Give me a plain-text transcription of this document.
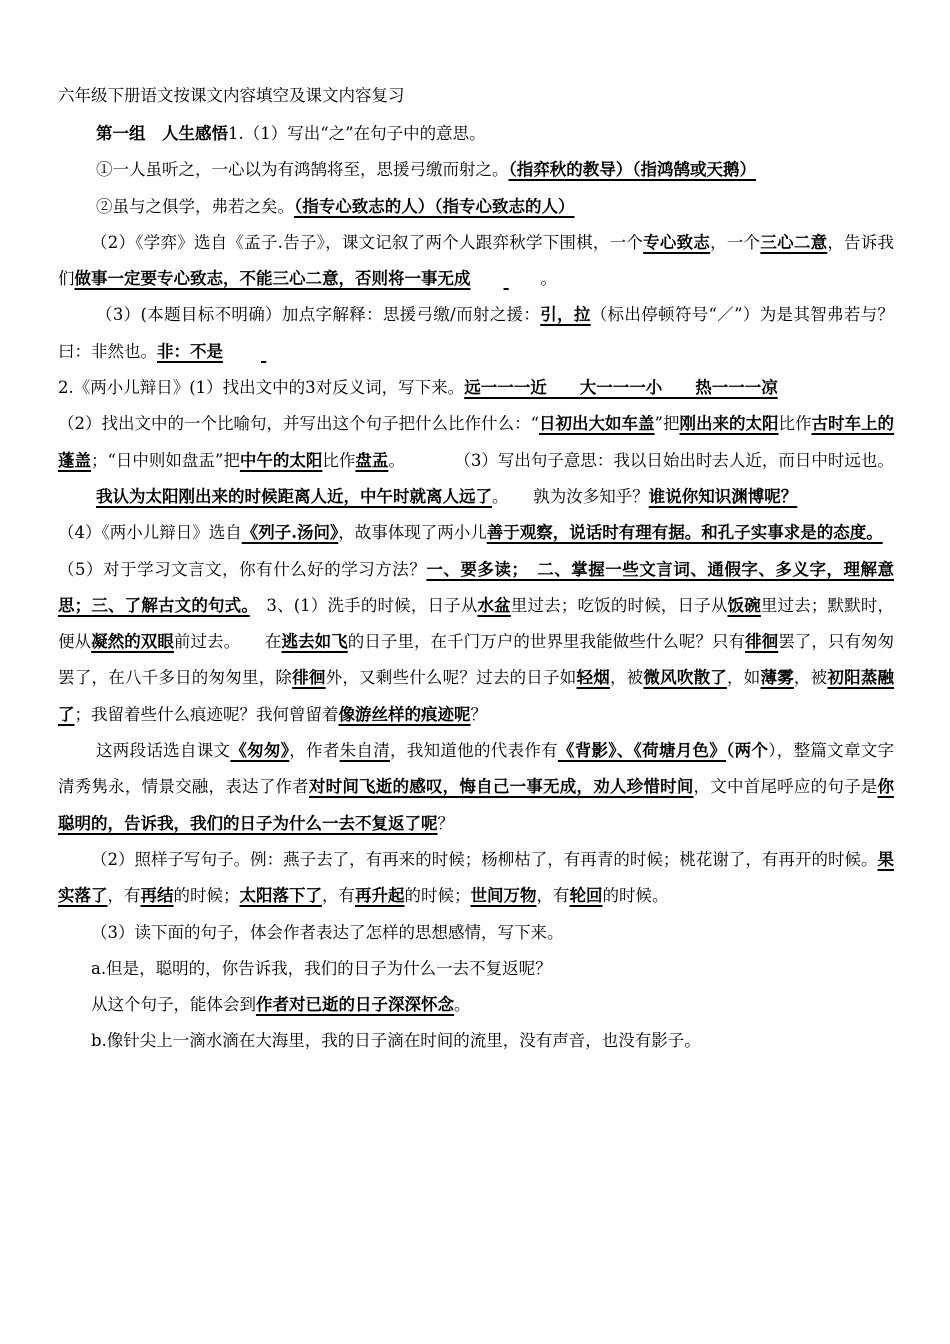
六年级下册语文按课文内容填空及课文内容复习

第一组　人生感悟1.（1）写出“之”在句子中的意思。

①一人虽听之，一心以为有鸿鹄将至，思援弓缴而射之。（指弈秋的教导）（指鸿鹄或天鹅）

②虽与之俱学，弗若之矣。（指专心致志的人）（指专心致志的人）

（2）《学弈》选自《孟子.告子》，课文记叙了两个人跟弈秋学下围棋，一个专心致志，一个三心二意，告诉我们做事一定要专心致志，不能三心二意，否则将一事无成	。

（3）(本题目标不明确）加点字解释：思援弓缴/而射之援：引，拉（标出停顿符号“／”）为是其智弗若与？曰：非然也。非：不是

2.《两小儿辩日》(1）找出文中的3对反义词，写下来。远一一一近　　大一一一小　　热一一一凉

（2）找出文中的一个比喻句，并写出这个句子把什么比作什么：“日初出大如车盖”把刚出来的太阳比作古时车上的蓬盖；“日中则如盘盂”把中午的太阳比作盘盂。　　　　（3）写出句子意思：我以日始出时去人近，而日中时远也。

我认为太阳刚出来的时候距离人近，中午时就离人远了。　　孰为汝多知乎？谁说你知识渊博呢？

（4）《两小儿辩日》选自《列子.汤问》，故事体现了两小儿善于观察，说话时有理有据。和孔子实事求是的态度。

（5）对于学习文言文，你有什么好的学习方法？一、要多读；　二、掌握一些文言词、通假字、多义字，理解意思；三、了解古文的句式。　3、(1）洗手的时候，日子从水盆里过去；吃饭的时候，日子从饭碗里过去；默默时，便从凝然的双眼前过去。　　在逃去如飞的日子里，在千门万户的世界里我能做些什么呢？只有徘徊罢了，只有匆匆罢了，在八千多日的匆匆里，除徘徊外，又剩些什么呢？过去的日子如轻烟，被微风吹散了，如薄雾，被初阳蒸融了；我留着些什么痕迹呢？我何曾留着像游丝样的痕迹呢？

这两段话选自课文《匆匆》，作者朱自清，我知道他的代表作有《背影》、《荷塘月色》（两个），整篇文章文字清秀隽永，情景交融，表达了作者对时间飞逝的感叹，悔自己一事无成，劝人珍惜时间，文中首尾呼应的句子是你聪明的，告诉我，我们的日子为什么一去不复返了呢？

（2）照样子写句子。例：燕子去了，有再来的时候；杨柳枯了，有再青的时候；桃花谢了，有再开的时候。果实落了，有再结的时候；太阳落下了，有再升起的时候；世间万物，有轮回的时候。

（3）读下面的句子，体会作者表达了怎样的思想感情，写下来。

a.但是，聪明的，你告诉我，我们的日子为什么一去不复返呢？

从这个句子，能体会到作者对已逝的日子深深怀念。

b.像针尖上一滴水滴在大海里，我的日子滴在时间的流里，没有声音，也没有影子。
